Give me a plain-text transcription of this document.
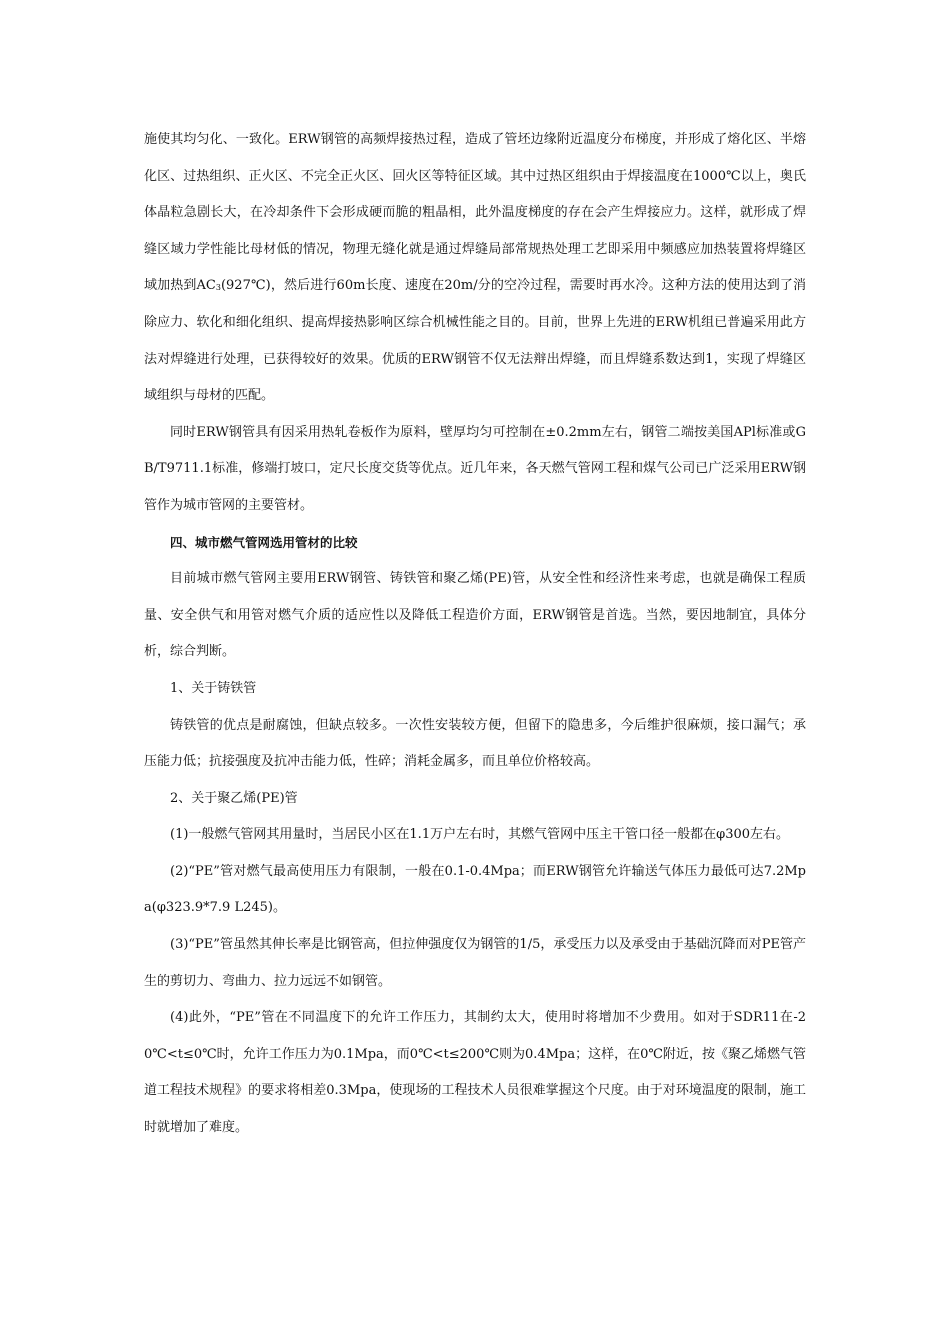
施使其均匀化、一致化。ERW钢管的高频焊接热过程，造成了管坯边缘附近温度分布梯度，并形成了熔化区、半熔化区、过热组织、正火区、不完全正火区、回火区等特征区域。其中过热区组织由于焊接温度在1000℃以上，奥氏体晶粒急剧长大，在冷却条件下会形成硬而脆的粗晶相，此外温度梯度的存在会产生焊接应力。这样，就形成了焊缝区域力学性能比母材低的情况，物理无缝化就是通过焊缝局部常规热处理工艺即采用中频感应加热装置将焊缝区域加热到AC3(927℃)，然后进行60m长度、速度在20m/分的空冷过程，需要时再水冷。这种方法的使用达到了消除应力、软化和细化组织、提高焊接热影响区综合机械性能之目的。目前，世界上先进的ERW机组已普遍采用此方法对焊缝进行处理，已获得较好的效果。优质的ERW钢管不仅无法辩出焊缝，而且焊缝系数达到1，实现了焊缝区域组织与母材的匹配。

同时ERW钢管具有因采用热轧卷板作为原料，壁厚均匀可控制在±0.2mm左右，钢管二端按美国APl标准或GB/T9711.1标准，修端打坡口，定尺长度交货等优点。近几年来，各天燃气管网工程和煤气公司已广泛采用ERW钢管作为城市管网的主要管材。

四、城市燃气管网选用管材的比较

目前城市燃气管网主要用ERW钢管、铸铁管和聚乙烯(PE)管，从安全性和经济性来考虑，也就是确保工程质量、安全供气和用管对燃气介质的适应性以及降低工程造价方面，ERW钢管是首选。当然，要因地制宜，具体分析，综合判断。

1、关于铸铁管

铸铁管的优点是耐腐蚀，但缺点较多。一次性安装较方便，但留下的隐患多，今后维护很麻烦，接口漏气；承压能力低；抗接强度及抗冲击能力低，性碎；消耗金属多，而且单位价格较高。

2、关于聚乙烯(PE)管

(1)一般燃气管网其用量时，当居民小区在1.1万户左右时，其燃气管网中压主干管口径一般都在φ300左右。

(2)“PE”管对燃气最高使用压力有限制，一般在0.1-0.4Mpa；而ERW钢管允许输送气体压力最低可达7.2Mpa(φ323.9*7.9 L245)。

(3)“PE”管虽然其伸长率是比钢管高，但拉伸强度仅为钢管的1/5，承受压力以及承受由于基础沉降而对PE管产生的剪切力、弯曲力、拉力远远不如钢管。

(4)此外，“PE”管在不同温度下的允许工作压力，其制约太大，使用时将增加不少费用。如对于SDR11在-20℃<t≤0℃时，允许工作压力为0.1Mpa，而0℃<t≤200℃则为0.4Mpa；这样，在0℃附近，按《聚乙烯燃气管道工程技术规程》的要求将相差0.3Mpa，使现场的工程技术人员很难掌握这个尺度。由于对环境温度的限制，施工时就增加了难度。
